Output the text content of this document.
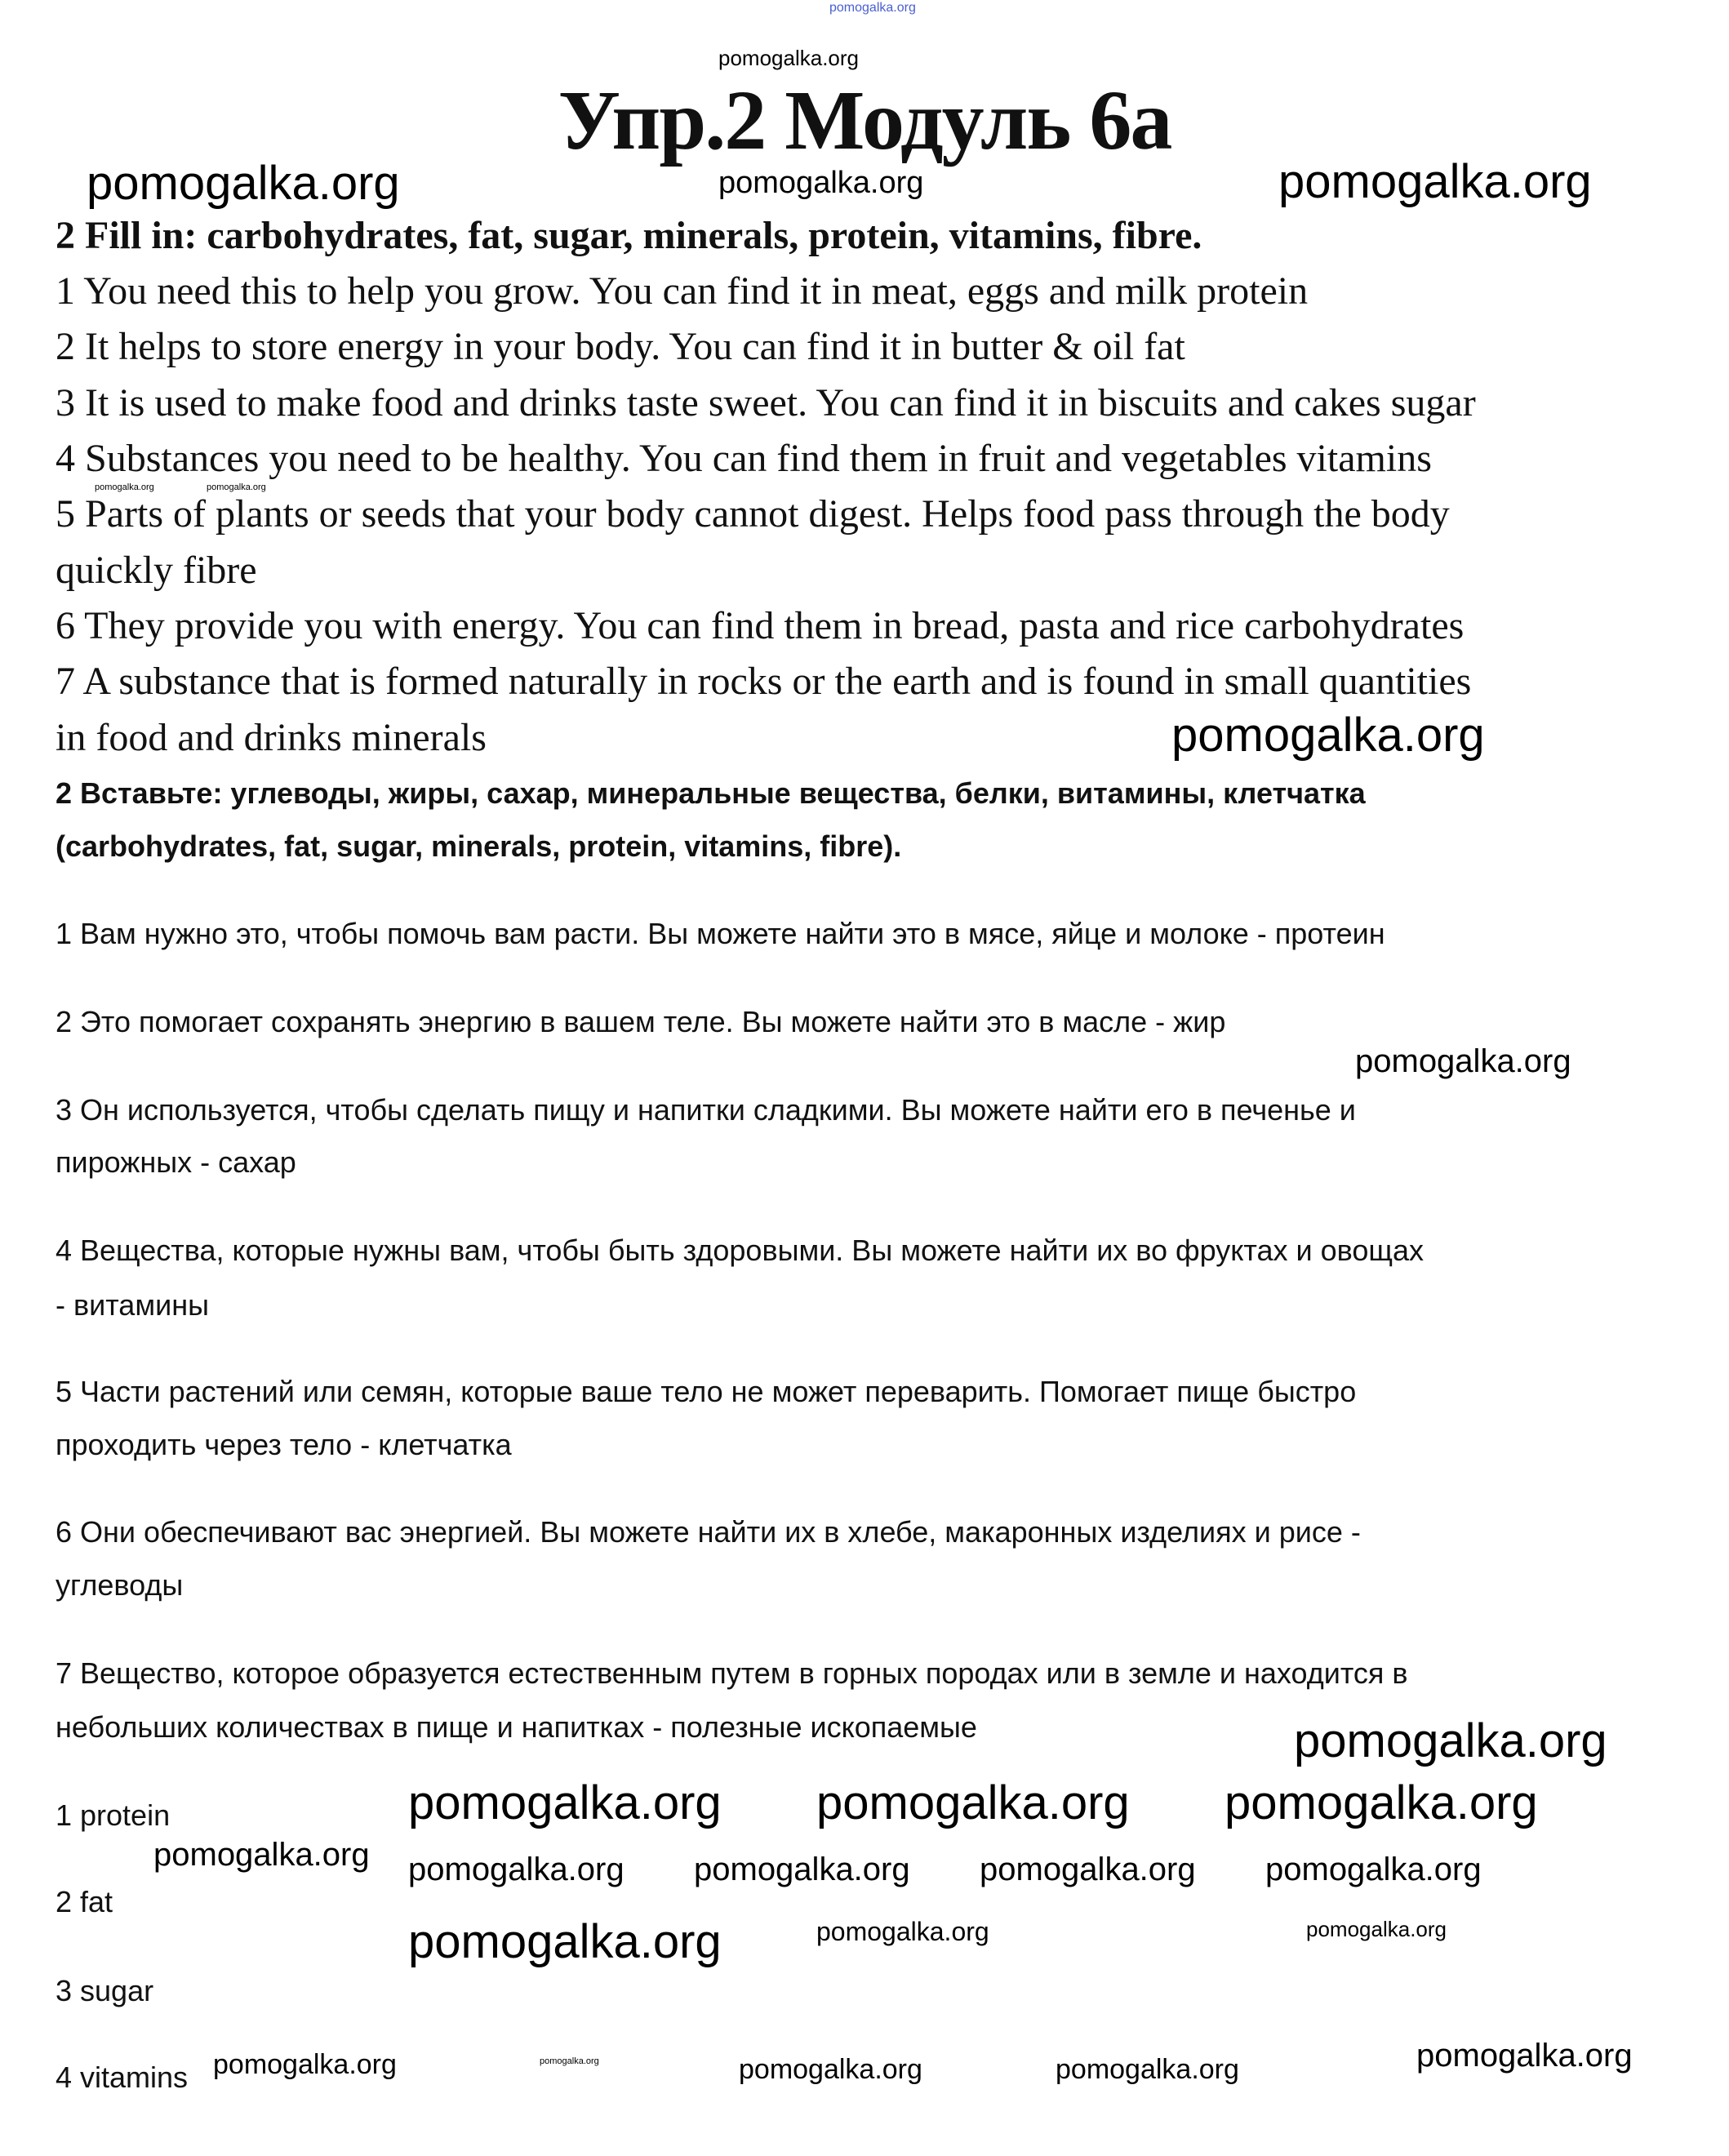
Упр.2 Модуль 6а
2 Fill in: carbohydrates, fat, sugar, minerals, protein, vitamins, fibre.
1 You need this to help you grow. You can find it in meat, eggs and milk protein
2 It helps to store energy in your body. You can find it in butter & oil fat
3 It is used to make food and drinks taste sweet. You can find it in biscuits and cakes sugar
4 Substances you need to be healthy. You can find them in fruit and vegetables vitamins
5 Parts of plants or seeds that your body cannot digest. Helps food pass through the body
quickly fibre
6 They provide you with energy. You can find them in bread, pasta and rice carbohydrates
7 A substance that is formed naturally in rocks or the earth and is found in small quantities
in food and drinks minerals
2 Вставьте: углеводы, жиры, сахар, минеральные вещества, белки, витамины, клетчатка
(carbohydrates, fat, sugar, minerals, protein, vitamins, fibre).
1 Вам нужно это, чтобы помочь вам расти. Вы можете найти это в мясе, яйце и молоке - протеин
2 Это помогает сохранять энергию в вашем теле. Вы можете найти это в масле - жир
3 Он используется, чтобы сделать пищу и напитки сладкими. Вы можете найти его в печенье и
пирожных - сахар
4 Вещества, которые нужны вам, чтобы быть здоровыми. Вы можете найти их во фруктах и овощах
- витамины
5 Части растений или семян, которые ваше тело не может переварить. Помогает пище быстро
проходить через тело - клетчатка
6 Они обеспечивают вас энергией. Вы можете найти их в хлебе, макаронных изделиях и рисе -
углеводы
7 Вещество, которое образуется естественным путем в горных породах или в земле и находится в
небольших количествах в пище и напитках - полезные ископаемые
1 protein
2 fat
3 sugar
4 vitamins
pomogalka.org
pomogalka.org	pomogalka.org	pomogalka.org
pomogalka.org
pomogalka.org	pomogalka.org
pomogalka.org
pomogalka.org
pomogalka.org
pomogalka.org
pomogalka.org
pomogalka.org
pomogalka.org
pomogalka.org pomogalka.org
pomogalka.org
pomogalka.org
pomogalka.org
pomogalka.org
pomogalka.org
pomogalka.org	pomogalka.org	pomogalka.org	pomogalka.org	pomogalka.org
